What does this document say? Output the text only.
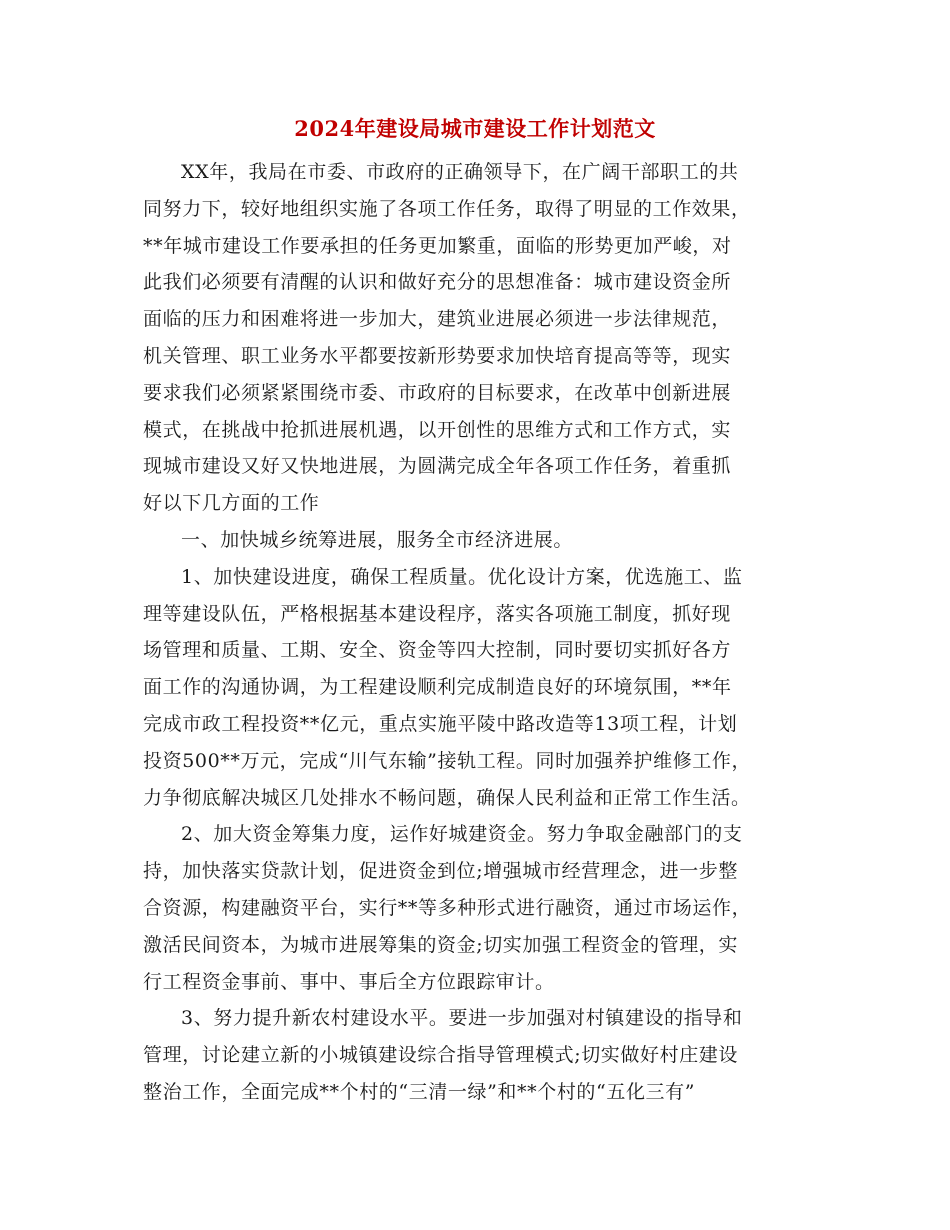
2024年建设局城市建设工作计划范文
XX年，我局在市委、市政府的正确领导下，在广阔干部职工的共
同努力下，较好地组织实施了各项工作任务，取得了明显的工作效果，
**年城市建设工作要承担的任务更加繁重，面临的形势更加严峻，对
此我们必须要有清醒的认识和做好充分的思想准备：城市建设资金所
面临的压力和困难将进一步加大，建筑业进展必须进一步法律规范，
机关管理、职工业务水平都要按新形势要求加快培育提高等等，现实
要求我们必须紧紧围绕市委、市政府的目标要求，在改革中创新进展
模式，在挑战中抢抓进展机遇，以开创性的思维方式和工作方式，实
现城市建设又好又快地进展，为圆满完成全年各项工作任务，着重抓
好以下几方面的工作
一、加快城乡统筹进展，服务全市经济进展。
1、加快建设进度，确保工程质量。优化设计方案，优选施工、监
理等建设队伍，严格根据基本建设程序，落实各项施工制度，抓好现
场管理和质量、工期、安全、资金等四大控制，同时要切实抓好各方
面工作的沟通协调，为工程建设顺利完成制造良好的环境氛围，**年
完成市政工程投资**亿元，重点实施平陵中路改造等13项工程，计划
投资500**万元，完成“川气东输”接轨工程。同时加强养护维修工作，
力争彻底解决城区几处排水不畅问题，确保人民利益和正常工作生活。
2、加大资金筹集力度，运作好城建资金。努力争取金融部门的支
持，加快落实贷款计划，促进资金到位;增强城市经营理念，进一步整
合资源，构建融资平台，实行**等多种形式进行融资，通过市场运作，
激活民间资本，为城市进展筹集的资金;切实加强工程资金的管理，实
行工程资金事前、事中、事后全方位跟踪审计。
3、努力提升新农村建设水平。要进一步加强对村镇建设的指导和
管理，讨论建立新的小城镇建设综合指导管理模式;切实做好村庄建设
整治工作，全面完成**个村的“三清一绿”和**个村的“五化三有”
